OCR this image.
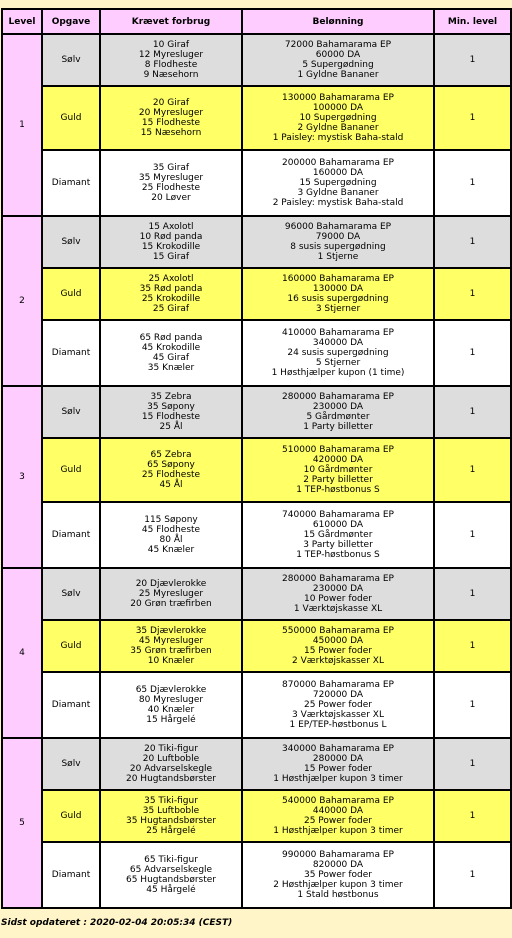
Level	Opgave	Krævet forbrug	Belønning	Min. level
1	Sølv	10 Giraf
12 Myresluger
8 Flodheste
9 Næsehorn	72000 Bahamarama EP
60000 DA
5 Supergødning
1 Gyldne Bananer	1
	Guld	20 Giraf
20 Myresluger
15 Flodheste
15 Næsehorn	130000 Bahamarama EP
100000 DA
10 Supergødning
2 Gyldne Bananer
1 Paisley: mystisk Baha-stald	1
	Diamant	35 Giraf
35 Myresluger
25 Flodheste
20 Løver	200000 Bahamarama EP
160000 DA
15 Supergødning
3 Gyldne Bananer
2 Paisley: mystisk Baha-stald	1
2	Sølv	15 Axolotl
10 Rød panda
15 Krokodille
15 Giraf	96000 Bahamarama EP
79000 DA
8 susis supergødning
1 Stjerne	1
	Guld	25 Axolotl
35 Rød panda
25 Krokodille
25 Giraf	160000 Bahamarama EP
130000 DA
16 susis supergødning
3 Stjerner	1
	Diamant	65 Rød panda
45 Krokodille
45 Giraf
35 Knæler	410000 Bahamarama EP
340000 DA
24 susis supergødning
5 Stjerner
1 Høsthjælper kupon (1 time)	1
3	Sølv	35 Zebra
35 Søpony
15 Flodheste
25 Ål	280000 Bahamarama EP
230000 DA
5 Gårdmønter
1 Party billetter	1
	Guld	65 Zebra
65 Søpony
25 Flodheste
45 Ål	510000 Bahamarama EP
420000 DA
10 Gårdmønter
2 Party billetter
1 TEP-høstbonus S	1
	Diamant	115 Søpony
45 Flodheste
80 Ål
45 Knæler	740000 Bahamarama EP
610000 DA
15 Gårdmønter
3 Party billetter
1 TEP-høstbonus S	1
4	Sølv	20 Djævlerokke
25 Myresluger
20 Grøn træfirben	280000 Bahamarama EP
230000 DA
10 Power foder
1 Værktøjskasse XL	1
	Guld	35 Djævlerokke
45 Myresluger
35 Grøn træfirben
10 Knæler	550000 Bahamarama EP
450000 DA
15 Power foder
2 Værktøjskasser XL	1
	Diamant	65 Djævlerokke
80 Myresluger
40 Knæler
15 Hårgelé	870000 Bahamarama EP
720000 DA
25 Power foder
3 Værktøjskasser XL
1 EP/TEP-høstbonus L	1
5	Sølv	20 Tiki-figur
20 Luftboble
20 Advarselskegle
20 Hugtandsbørster	340000 Bahamarama EP
280000 DA
15 Power foder
1 Høsthjælper kupon 3 timer	1
	Guld	35 Tiki-figur
35 Luftboble
35 Hugtandsbørster
25 Hårgelé	540000 Bahamarama EP
440000 DA
25 Power foder
1 Høsthjælper kupon 3 timer	1
	Diamant	65 Tiki-figur
65 Advarselskegle
65 Hugtandsbørster
45 Hårgelé	990000 Bahamarama EP
820000 DA
35 Power foder
2 Høsthjælper kupon 3 timer
1 Stald høstbonus	1
Sidst opdateret : 2020-02-04 20:05:34 (CEST)
